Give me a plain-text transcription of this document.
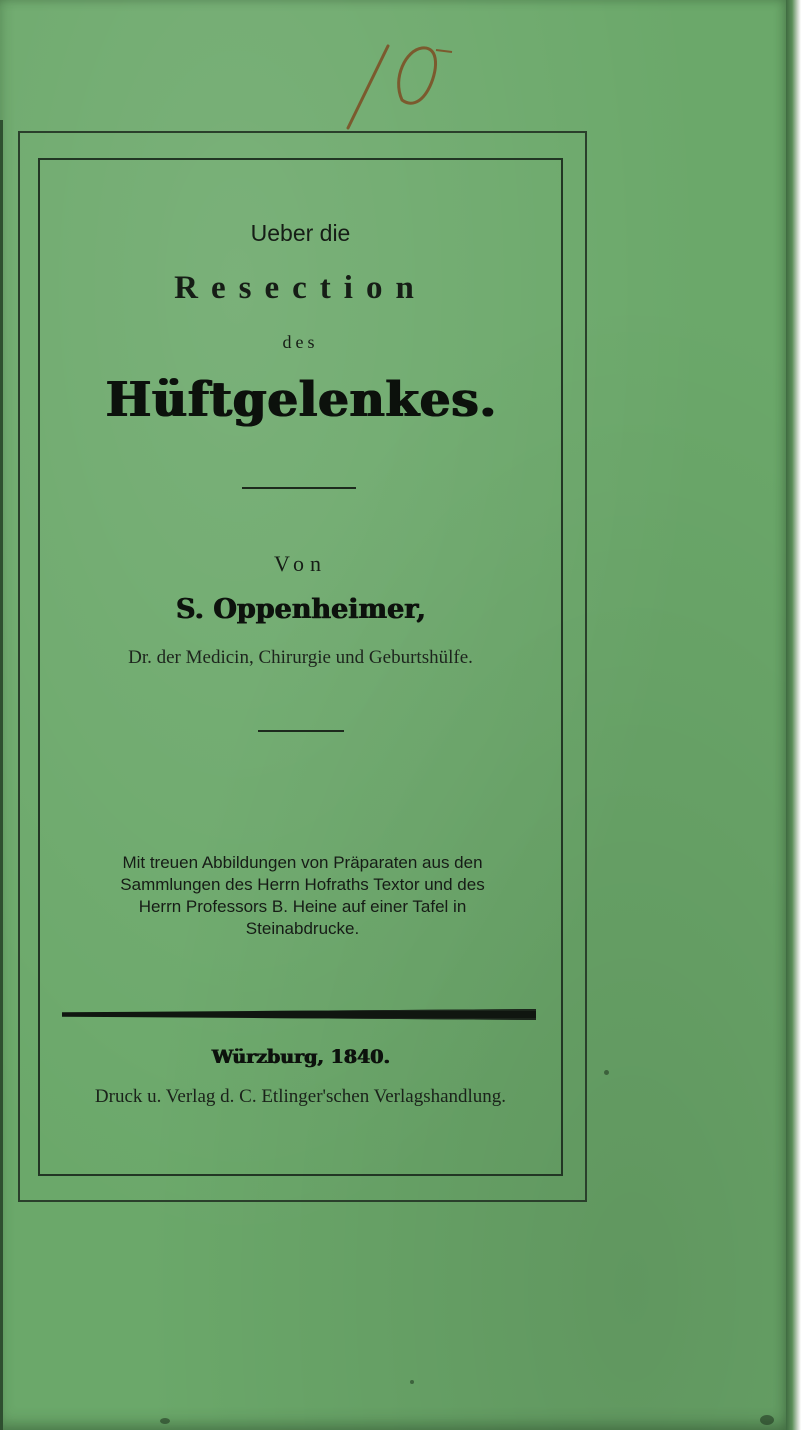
Ueber die
Resection
des
Hüftgelenkes.
Von
S. Oppenheimer,
Dr. der Medicin, Chirurgie und Geburtshülfe.
Mit treuen Abbildungen von Präparaten aus den
Sammlungen des Herrn Hofraths Textor und des
Herrn Professors B. Heine auf einer Tafel in
Steinabdrucke.
Würzburg, 1840.
Druck u. Verlag d. C. Etlinger'schen Verlagshandlung.
